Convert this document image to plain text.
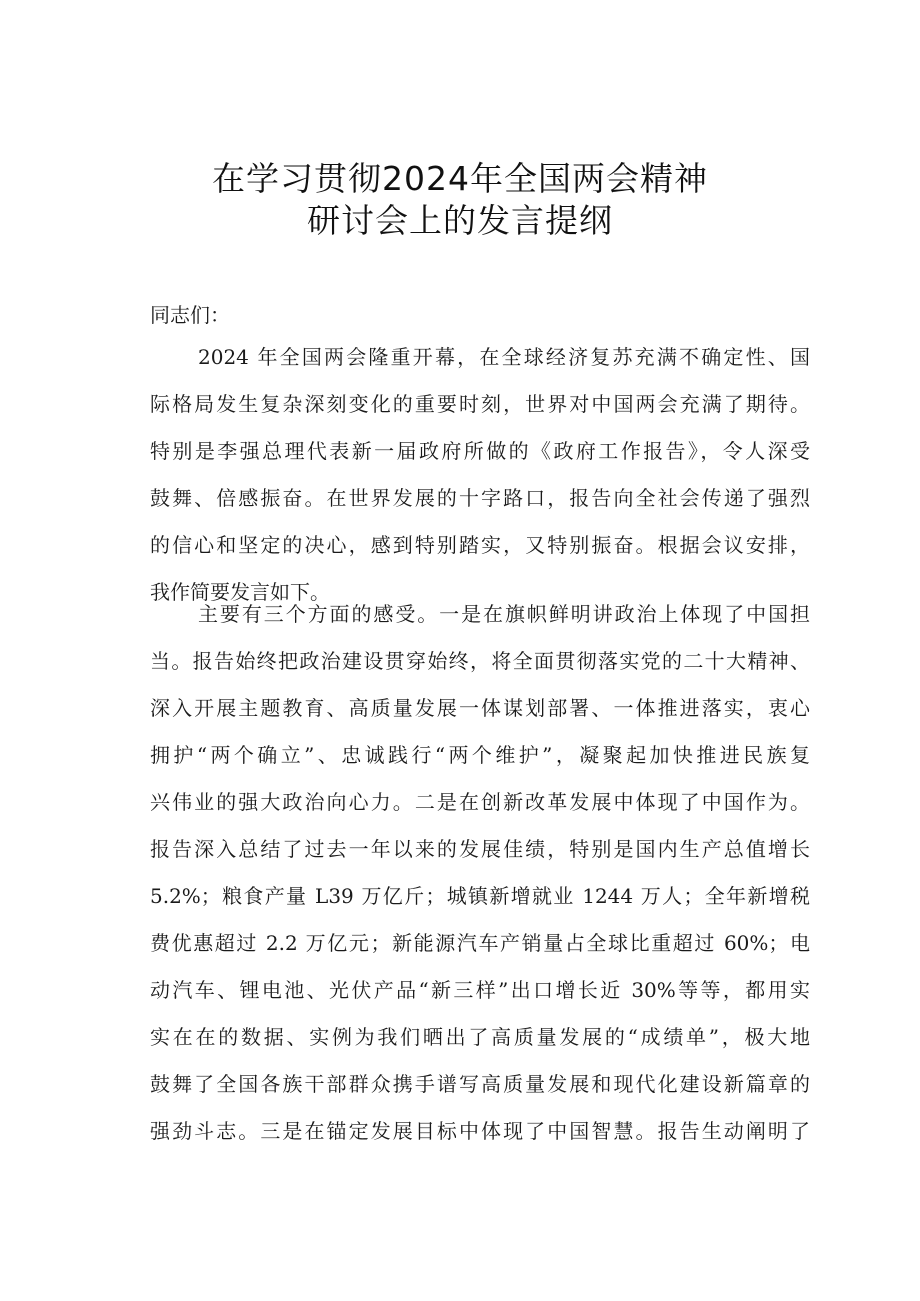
在学习贯彻2024年全国两会精神
研讨会上的发言提纲
同志们：
2024 年全国两会隆重开幕，在全球经济复苏充满不确定性、国
际格局发生复杂深刻变化的重要时刻，世界对中国两会充满了期待。
特别是李强总理代表新一届政府所做的《政府工作报告》，令人深受
鼓舞、倍感振奋。在世界发展的十字路口，报告向全社会传递了强烈
的信心和坚定的决心，感到特别踏实，又特别振奋。根据会议安排，
我作简要发言如下。
主要有三个方面的感受。一是在旗帜鲜明讲政治上体现了中国担
当。报告始终把政治建设贯穿始终，将全面贯彻落实党的二十大精神、
深入开展主题教育、高质量发展一体谋划部署、一体推进落实，衷心
拥护“两个确立”、忠诚践行“两个维护”，凝聚起加快推进民族复
兴伟业的强大政治向心力。二是在创新改革发展中体现了中国作为。
报告深入总结了过去一年以来的发展佳绩，特别是国内生产总值增长
5.2%；粮食产量 L39 万亿斤；城镇新增就业 1244 万人；全年新增税
费优惠超过 2.2 万亿元；新能源汽车产销量占全球比重超过 60%；电
动汽车、锂电池、光伏产品“新三样”出口增长近 30%等等，都用实
实在在的数据、实例为我们晒出了高质量发展的“成绩单”，极大地
鼓舞了全国各族干部群众携手谱写高质量发展和现代化建设新篇章的
强劲斗志。三是在锚定发展目标中体现了中国智慧。报告生动阐明了
